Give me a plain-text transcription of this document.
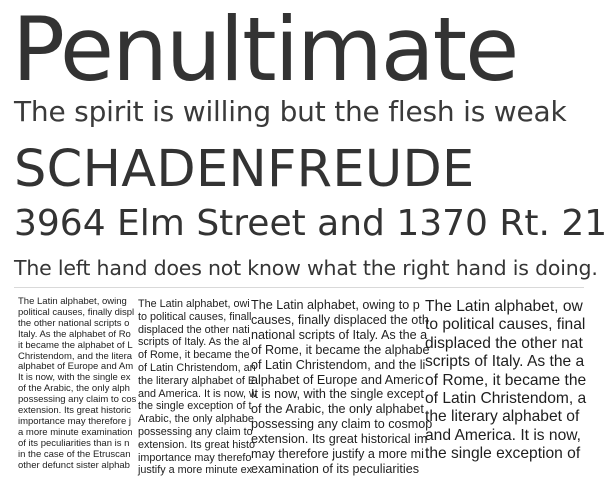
Penultimate
The spirit is willing but the flesh is weak
SCHADENFREUDE
3964 Elm Street and 1370 Rt. 21
The left hand does not know what the right hand is doing.
The Latin alphabet, owing
political causes, finally displ
the other national scripts o
Italy. As the alphabet of Ro
it became the alphabet of L
Christendom, and the litera
alphabet of Europe and Am
It is now, with the single ex
of the Arabic, the only alph
possessing any claim to cos
extension. Its great historic
importance may therefore j
a more minute examination
of its peculiarities than is n
in the case of the Etruscan
other defunct sister alphab
The Latin alphabet, owi
to political causes, finall
displaced the other nati
scripts of Italy. As the al
of Rome, it became the
of Latin Christendom, an
the literary alphabet of E
and America. It is now, w
the single exception of t
Arabic, the only alphabe
possessing any claim to
extension. Its great histo
importance may therefo
justify a more minute ex
The Latin alphabet, owing to p
causes, finally displaced the oth
national scripts of Italy. As the a
of Rome, it became the alphabe
of Latin Christendom, and the li
alphabet of Europe and Americ
It is now, with the single except
of the Arabic, the only alphabet
possessing any claim to cosmop
extension. Its great historical im
may therefore justify a more mi
examination of its peculiarities
The Latin alphabet, ow
to political causes, final
displaced the other nat
scripts of Italy. As the a
of Rome, it became the
of Latin Christendom, a
the literary alphabet of
and America. It is now,
the single exception of
